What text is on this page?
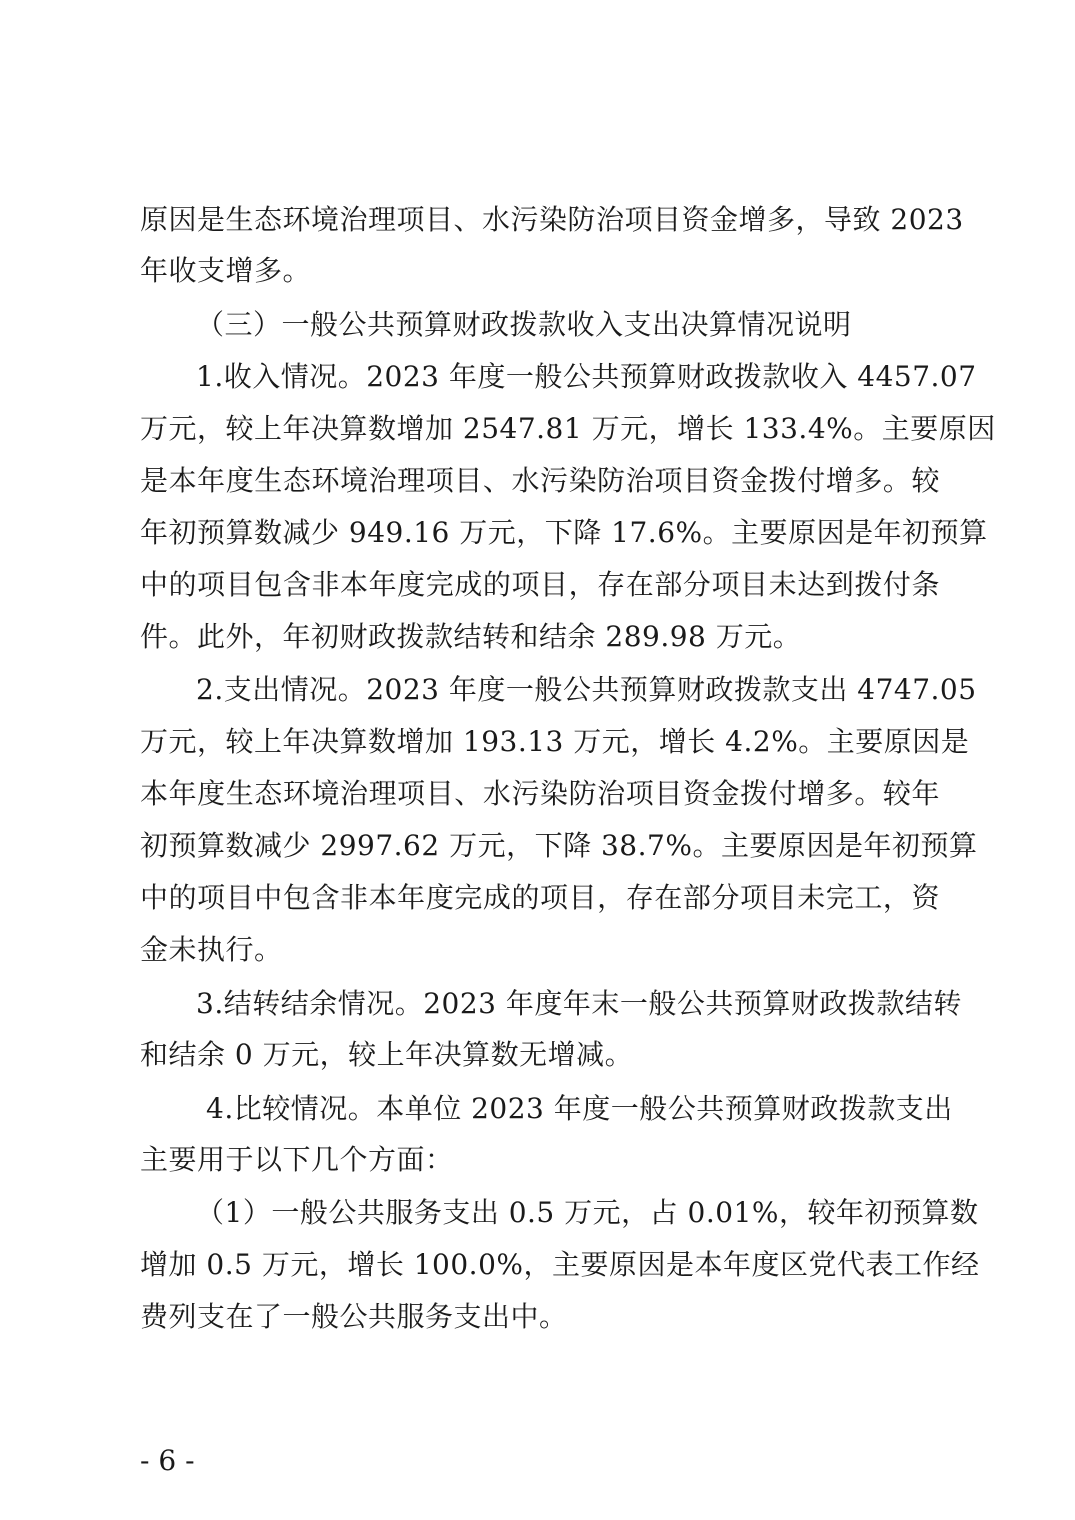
原因是生态环境治理项目、水污染防治项目资金增多，导致 2023
年收支增多。
（三）一般公共预算财政拨款收入支出决算情况说明
1.收入情况。2023 年度一般公共预算财政拨款收入 4457.07
万元，较上年决算数增加 2547.81 万元，增长 133.4%。主要原因
是本年度生态环境治理项目、水污染防治项目资金拨付增多。较
年初预算数减少 949.16 万元，下降 17.6%。主要原因是年初预算
中的项目包含非本年度完成的项目，存在部分项目未达到拨付条
件。此外，年初财政拨款结转和结余 289.98 万元。
2.支出情况。2023 年度一般公共预算财政拨款支出 4747.05
万元，较上年决算数增加 193.13 万元，增长 4.2%。主要原因是
本年度生态环境治理项目、水污染防治项目资金拨付增多。较年
初预算数减少 2997.62 万元，下降 38.7%。主要原因是年初预算
中的项目中包含非本年度完成的项目，存在部分项目未完工，资
金未执行。
3.结转结余情况。2023 年度年末一般公共预算财政拨款结转
和结余 0 万元，较上年决算数无增减。
4.比较情况。本单位 2023 年度一般公共预算财政拨款支出
主要用于以下几个方面：
（1）一般公共服务支出 0.5 万元，占 0.01%，较年初预算数
增加 0.5 万元，增长 100.0%，主要原因是本年度区党代表工作经
费列支在了一般公共服务支出中。
- 6 -
